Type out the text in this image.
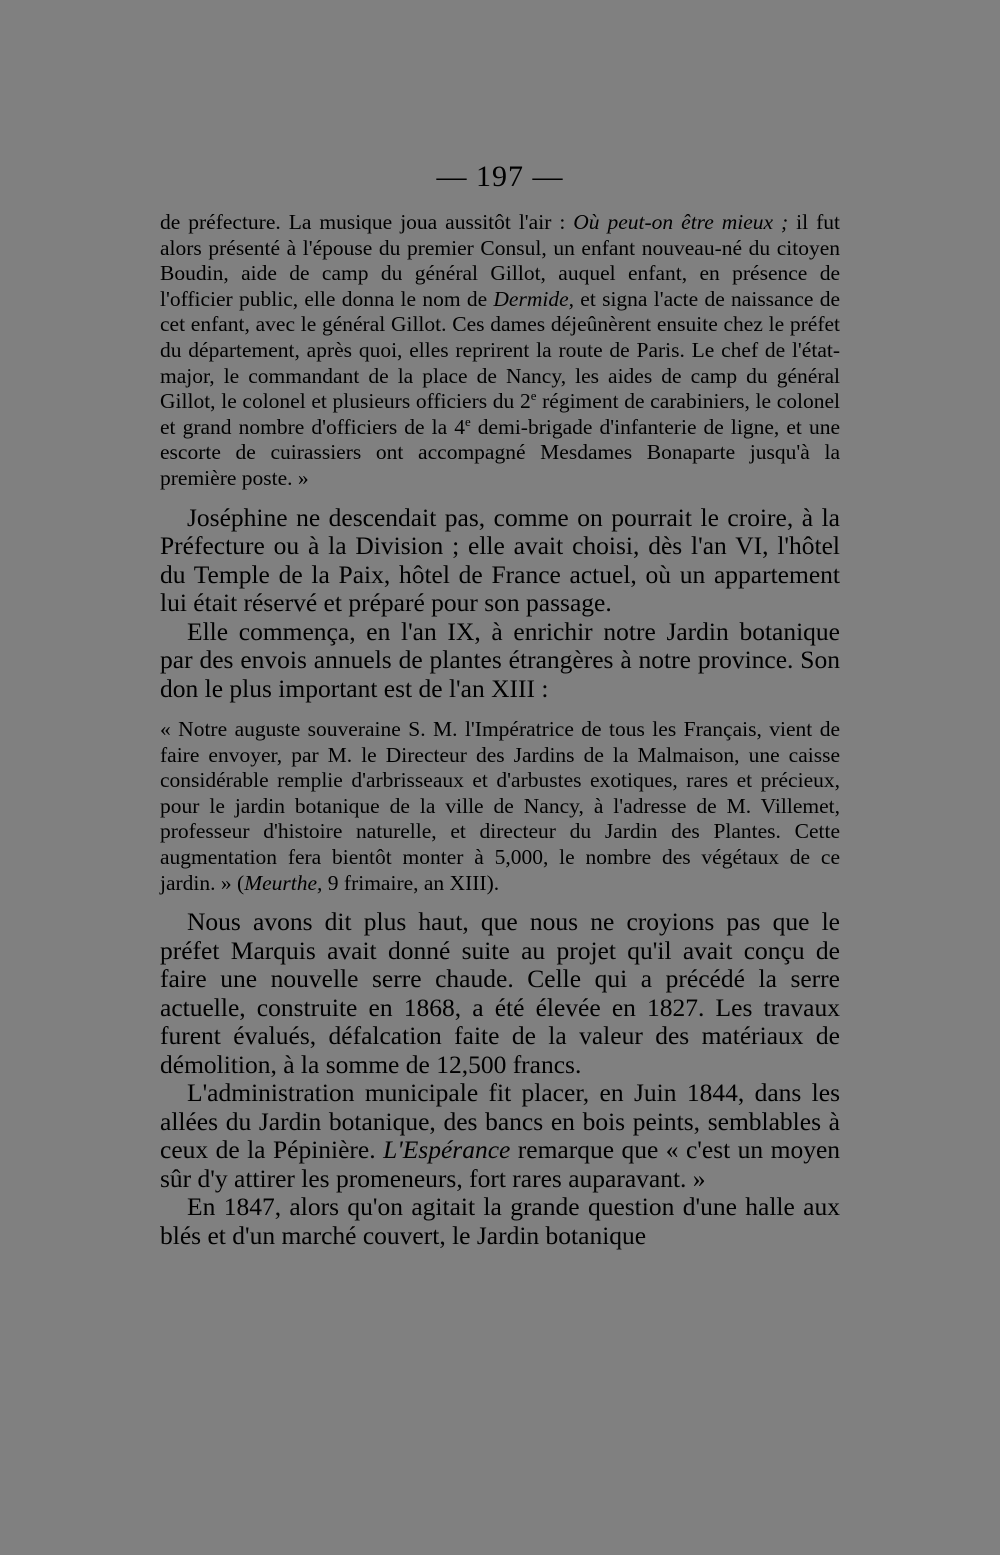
— 197 —

de préfecture. La musique joua aussitôt l'air : Où peut-on être mieux ; il fut alors présenté à l'épouse du premier Consul, un enfant nouveau-né du citoyen Boudin, aide de camp du général Gillot, auquel enfant, en présence de l'officier public, elle donna le nom de Dermide, et signa l'acte de naissance de cet enfant, avec le général Gillot. Ces dames déjeûnèrent ensuite chez le préfet du département, après quoi, elles reprirent la route de Paris. Le chef de l'état-major, le commandant de la place de Nancy, les aides de camp du général Gillot, le colonel et plusieurs officiers du 2e régiment de carabiniers, le colonel et grand nombre d'officiers de la 4e demi-brigade d'infanterie de ligne, et une escorte de cuirassiers ont accompagné Mesdames Bonaparte jusqu'à la première poste. »

Joséphine ne descendait pas, comme on pourrait le croire, à la Préfecture ou à la Division ; elle avait choisi, dès l'an VI, l'hôtel du Temple de la Paix, hôtel de France actuel, où un appartement lui était réservé et préparé pour son passage.

Elle commença, en l'an IX, à enrichir notre Jardin botanique par des envois annuels de plantes étrangères à notre province. Son don le plus important est de l'an XIII :

« Notre auguste souveraine S. M. l'Impératrice de tous les Français, vient de faire envoyer, par M. le Directeur des Jardins de la Malmaison, une caisse considérable remplie d'arbrisseaux et d'arbustes exotiques, rares et précieux, pour le jardin botanique de la ville de Nancy, à l'adresse de M. Villemet, professeur d'histoire naturelle, et directeur du Jardin des Plantes. Cette augmentation fera bientôt monter à 5,000, le nombre des végétaux de ce jardin. » (Meurthe, 9 frimaire, an XIII).

Nous avons dit plus haut, que nous ne croyions pas que le préfet Marquis avait donné suite au projet qu'il avait conçu de faire une nouvelle serre chaude. Celle qui a précédé la serre actuelle, construite en 1868, a été élevée en 1827. Les travaux furent évalués, défalcation faite de la valeur des matériaux de démolition, à la somme de 12,500 francs.

L'administration municipale fit placer, en Juin 1844, dans les allées du Jardin botanique, des bancs en bois peints, semblables à ceux de la Pépinière. L'Espérance remarque que « c'est un moyen sûr d'y attirer les promeneurs, fort rares auparavant. »

En 1847, alors qu'on agitait la grande question d'une halle aux blés et d'un marché couvert, le Jardin botanique
